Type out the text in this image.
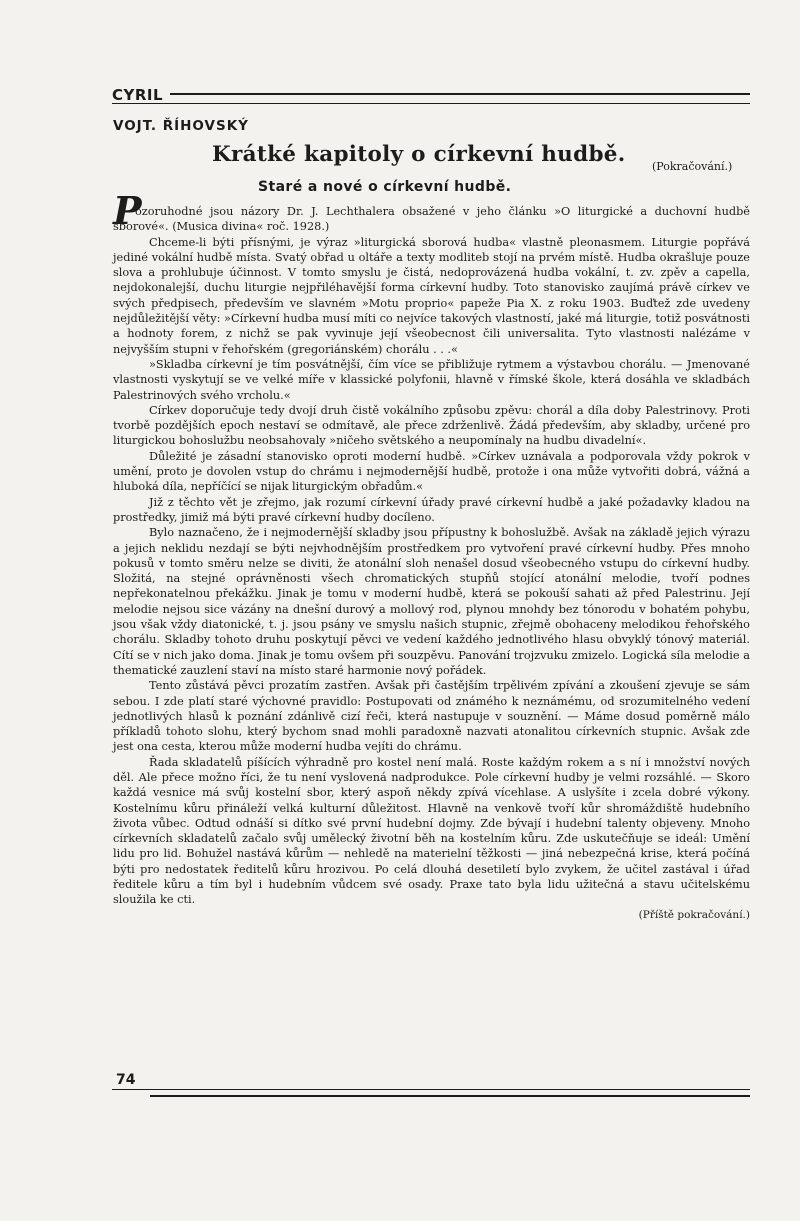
CYRIL
VOJT. ŘÍHOVSKÝ
Krátké kapitoly o církevní hudbě. (Pokračování.)
Staré a nové o církevní hudbě.
P

ozoruhodné jsou názory Dr. J. Lechthalera obsažené v jeho článku »O liturgické a duchovní hudbě sborové«. (Musica divina« roč. 1928.)

Chceme-li býti přísnými, je výraz »liturgická sborová hudba« vlastně pleonasmem. Liturgie popřává jediné vokální hudbě místa. Svatý obřad u oltáře a texty modliteb stojí na prvém místě. Hudba okrašluje pouze slova a prohlubuje účinnost. V tomto smyslu je čistá, nedoprovázená hudba vokální, t. zv. zpěv a capella, nejdokonalejší, duchu liturgie nejpřiléhavější forma církevní hudby. Toto stanovisko zaujímá právě církev ve svých předpisech, především ve slavném »Motu proprio« papeže Pia X. z roku 1903. Buďtež zde uvedeny nejdůležitější věty: »Církevní hudba musí míti co nejvíce takových vlastností, jaké má liturgie, totiž posvátnosti a hodnoty forem, z nichž se pak vyvinuje její všeobecnost čili universalita. Tyto vlastnosti nalézáme v nejvyšším stupni v řehořském (gregoriánském) chorálu . . .«

»Skladba církevní je tím posvátnější, čím více se přibližuje rytmem a výstavbou chorálu. — Jmenované vlastnosti vyskytují se ve velké míře v klassické polyfonii, hlavně v římské škole, která dosáhla ve skladbách Palestrinových svého vrcholu.«

Církev doporučuje tedy dvojí druh čistě vokálního způsobu zpěvu: chorál a díla doby Palestrinovy. Proti tvorbě pozdějších epoch nestaví se odmítavě, ale přece zdrženlivě. Žádá především, aby skladby, určené pro liturgickou bohoslužbu neobsahovaly »ničeho světského a neupomínaly na hudbu divadelní«.

Důležité je zásadní stanovisko oproti moderní hudbě. »Církev uznávala a podporovala vždy pokrok v umění, proto je dovolen vstup do chrámu i nejmodernější hudbě, protože i ona může vytvořiti dobrá, vážná a hluboká díla, nepříčící se nijak liturgickým obřadům.«

Již z těchto vět je zřejmo, jak rozumí církevní úřady pravé církevní hudbě a jaké požadavky kladou na prostředky, jimiž má býti pravé církevní hudby docíleno.

Bylo naznačeno, že i nejmodernější skladby jsou přípustny k bohoslužbě. Avšak na základě jejich výrazu a jejich neklidu nezdají se býti nejvhodnějším prostředkem pro vytvoření pravé církevní hudby. Přes mnoho pokusů v tomto směru nelze se diviti, že atonální sloh nenašel dosud všeobecného vstupu do církevní hudby. Složitá, na stejné oprávněnosti všech chromatických stupňů stojící atonální melodie, tvoří podnes nepřekonatelnou překážku. Jinak je tomu v moderní hudbě, která se pokouší sahati až před Palestrinu. Její melodie nejsou sice vázány na dnešní durový a mollový rod, plynou mnohdy bez tónorodu v bohatém pohybu, jsou však vždy diatonické, t. j. jsou psány ve smyslu našich stupnic, zřejmě obohaceny melodikou řehořského chorálu. Skladby tohoto druhu poskytují pěvci ve vedení každého jednotlivého hlasu obvyklý tónový materiál. Cítí se v nich jako doma. Jinak je tomu ovšem při souzpěvu. Panování trojzvuku zmizelo. Logická síla melodie a thematické zauzlení staví na místo staré harmonie nový pořádek.

Tento zůstává pěvci prozatím zastřen. Avšak při častějším trpělivém zpívání a zkoušení zjevuje se sám sebou. I zde platí staré výchovné pravidlo: Postupovati od známého k neznámému, od srozumitelného vedení jednotlivých hlasů k poznání zdánlivě cizí řeči, která nastupuje v souznění. — Máme dosud poměrně málo příkladů tohoto slohu, který bychom snad mohli paradoxně nazvati atonalitou církevních stupnic. Avšak zde jest ona cesta, kterou může moderní hudba vejíti do chrámu.

Řada skladatelů píšících výhradně pro kostel není malá. Roste každým rokem a s ní i množství nových děl. Ale přece možno říci, že tu není vyslovená nadprodukce. Pole církevní hudby je velmi rozsáhlé. — Skoro každá vesnice má svůj kostelní sbor, který aspoň někdy zpívá vícehlase. A uslyšíte i zcela dobré výkony. Kostelnímu kůru přináleží velká kulturní důležitost. Hlavně na venkově tvoří kůr shromáždiště hudebního života vůbec. Odtud odnáší si dítko své první hudební dojmy. Zde bývají i hudební talenty objeveny. Mnoho církevních skladatelů začalo svůj umělecký životní běh na kostelním kůru. Zde uskutečňuje se ideál: Umění lidu pro lid. Bohužel nastává kůrům — nehledě na materielní těžkosti — jiná nebezpečná krise, která počíná býti pro nedostatek ředitelů kůru hrozivou. Po celá dlouhá desetiletí bylo zvykem, že učitel zastával i úřad ředitele kůru a tím byl i hudebním vůdcem své osady. Praxe tato byla lidu užitečná a stavu učitelskému sloužila ke cti.

(Příště pokračování.)
74
